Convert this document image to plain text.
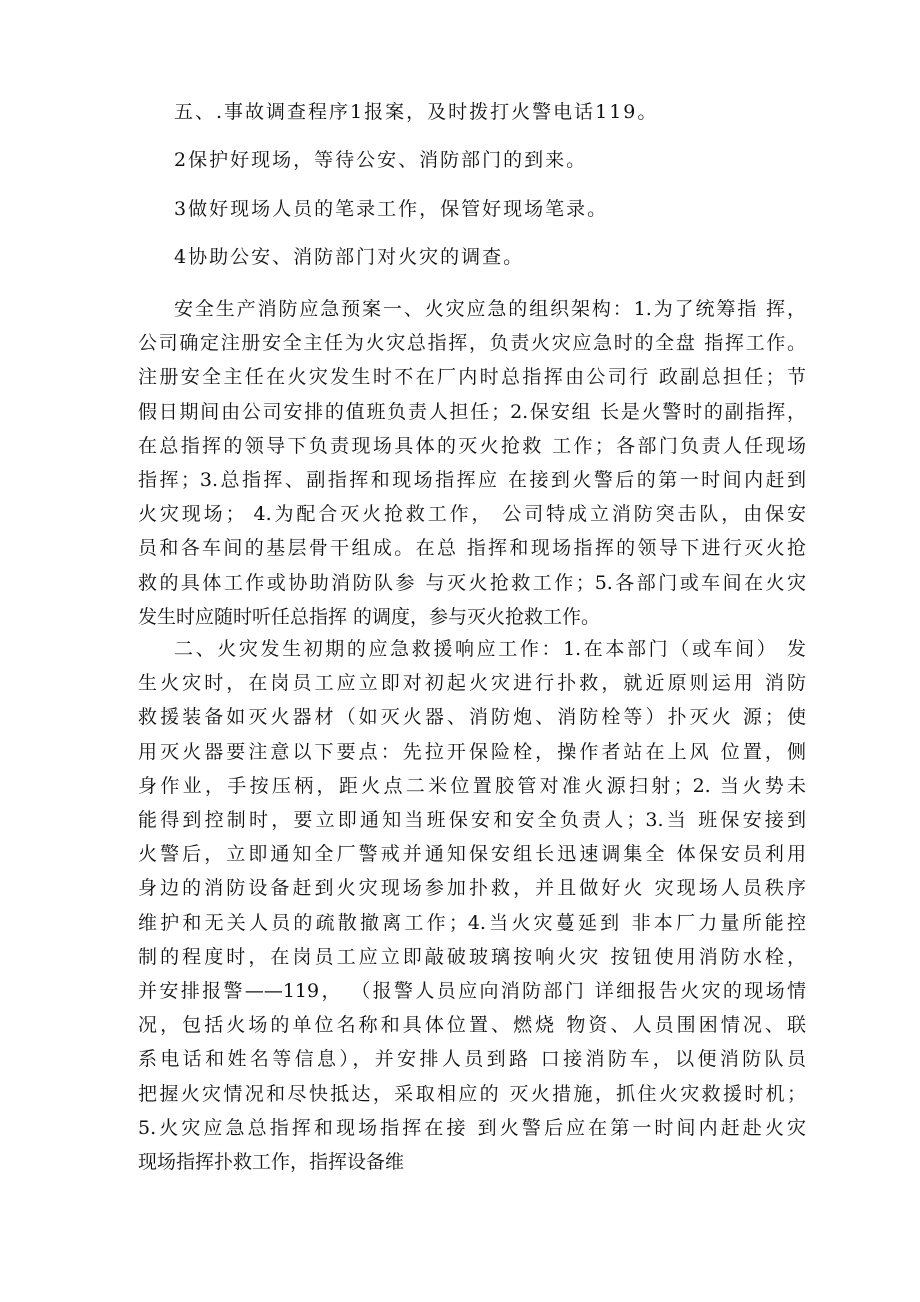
五、.事故调查程序1报案，及时拨打火警电话119。

2保护好现场，等待公安、消防部门的到来。

3做好现场人员的笔录工作，保管好现场笔录。

4协助公安、消防部门对火灾的调查。

安全生产消防应急预案一、火灾应急的组织架构：1.为了统筹指 挥，
公司确定注册安全主任为火灾总指挥，负责火灾应急时的全盘 指挥工作。
注册安全主任在火灾发生时不在厂内时总指挥由公司行 政副总担任；节
假日期间由公司安排的值班负责人担任；2.保安组 长是火警时的副指挥，
在总指挥的领导下负责现场具体的灭火抢救 工作；各部门负责人任现场
指挥；3.总指挥、副指挥和现场指挥应 在接到火警后的第一时间内赶到
火灾现场； 4.为配合灭火抢救工作， 公司特成立消防突击队，由保安
员和各车间的基层骨干组成。在总 指挥和现场指挥的领导下进行灭火抢
救的具体工作或协助消防队参 与灭火抢救工作；5.各部门或车间在火灾
发生时应随时听任总指挥 的调度，参与灭火抢救工作。
二、火灾发生初期的应急救援响应工作：1.在本部门（或车间） 发
生火灾时，在岗员工应立即对初起火灾进行扑救，就近原则运用 消防
救援装备如灭火器材（如灭火器、消防炮、消防栓等）扑灭火 源；使
用灭火器要注意以下要点：先拉开保险栓，操作者站在上风 位置，侧
身作业，手按压柄，距火点二米位置胶管对准火源扫射；2. 当火势未
能得到控制时，要立即通知当班保安和安全负责人；3.当 班保安接到
火警后，立即通知全厂警戒并通知保安组长迅速调集全 体保安员利用
身边的消防设备赶到火灾现场参加扑救，并且做好火 灾现场人员秩序
维护和无关人员的疏散撤离工作；4.当火灾蔓延到 非本厂力量所能控
制的程度时，在岗员工应立即敲破玻璃按响火灾 按钮使用消防水栓，
并安排报警——119， （报警人员应向消防部门 详细报告火灾的现场情
况，包括火场的单位名称和具体位置、燃烧 物资、人员围困情况、联
系电话和姓名等信息），并安排人员到路 口接消防车，以便消防队员
把握火灾情况和尽快抵达，采取相应的 灭火措施，抓住火灾救援时机；
5.火灾应急总指挥和现场指挥在接 到火警后应在第一时间内赶赴火灾
现场指挥扑救工作，指挥设备维
